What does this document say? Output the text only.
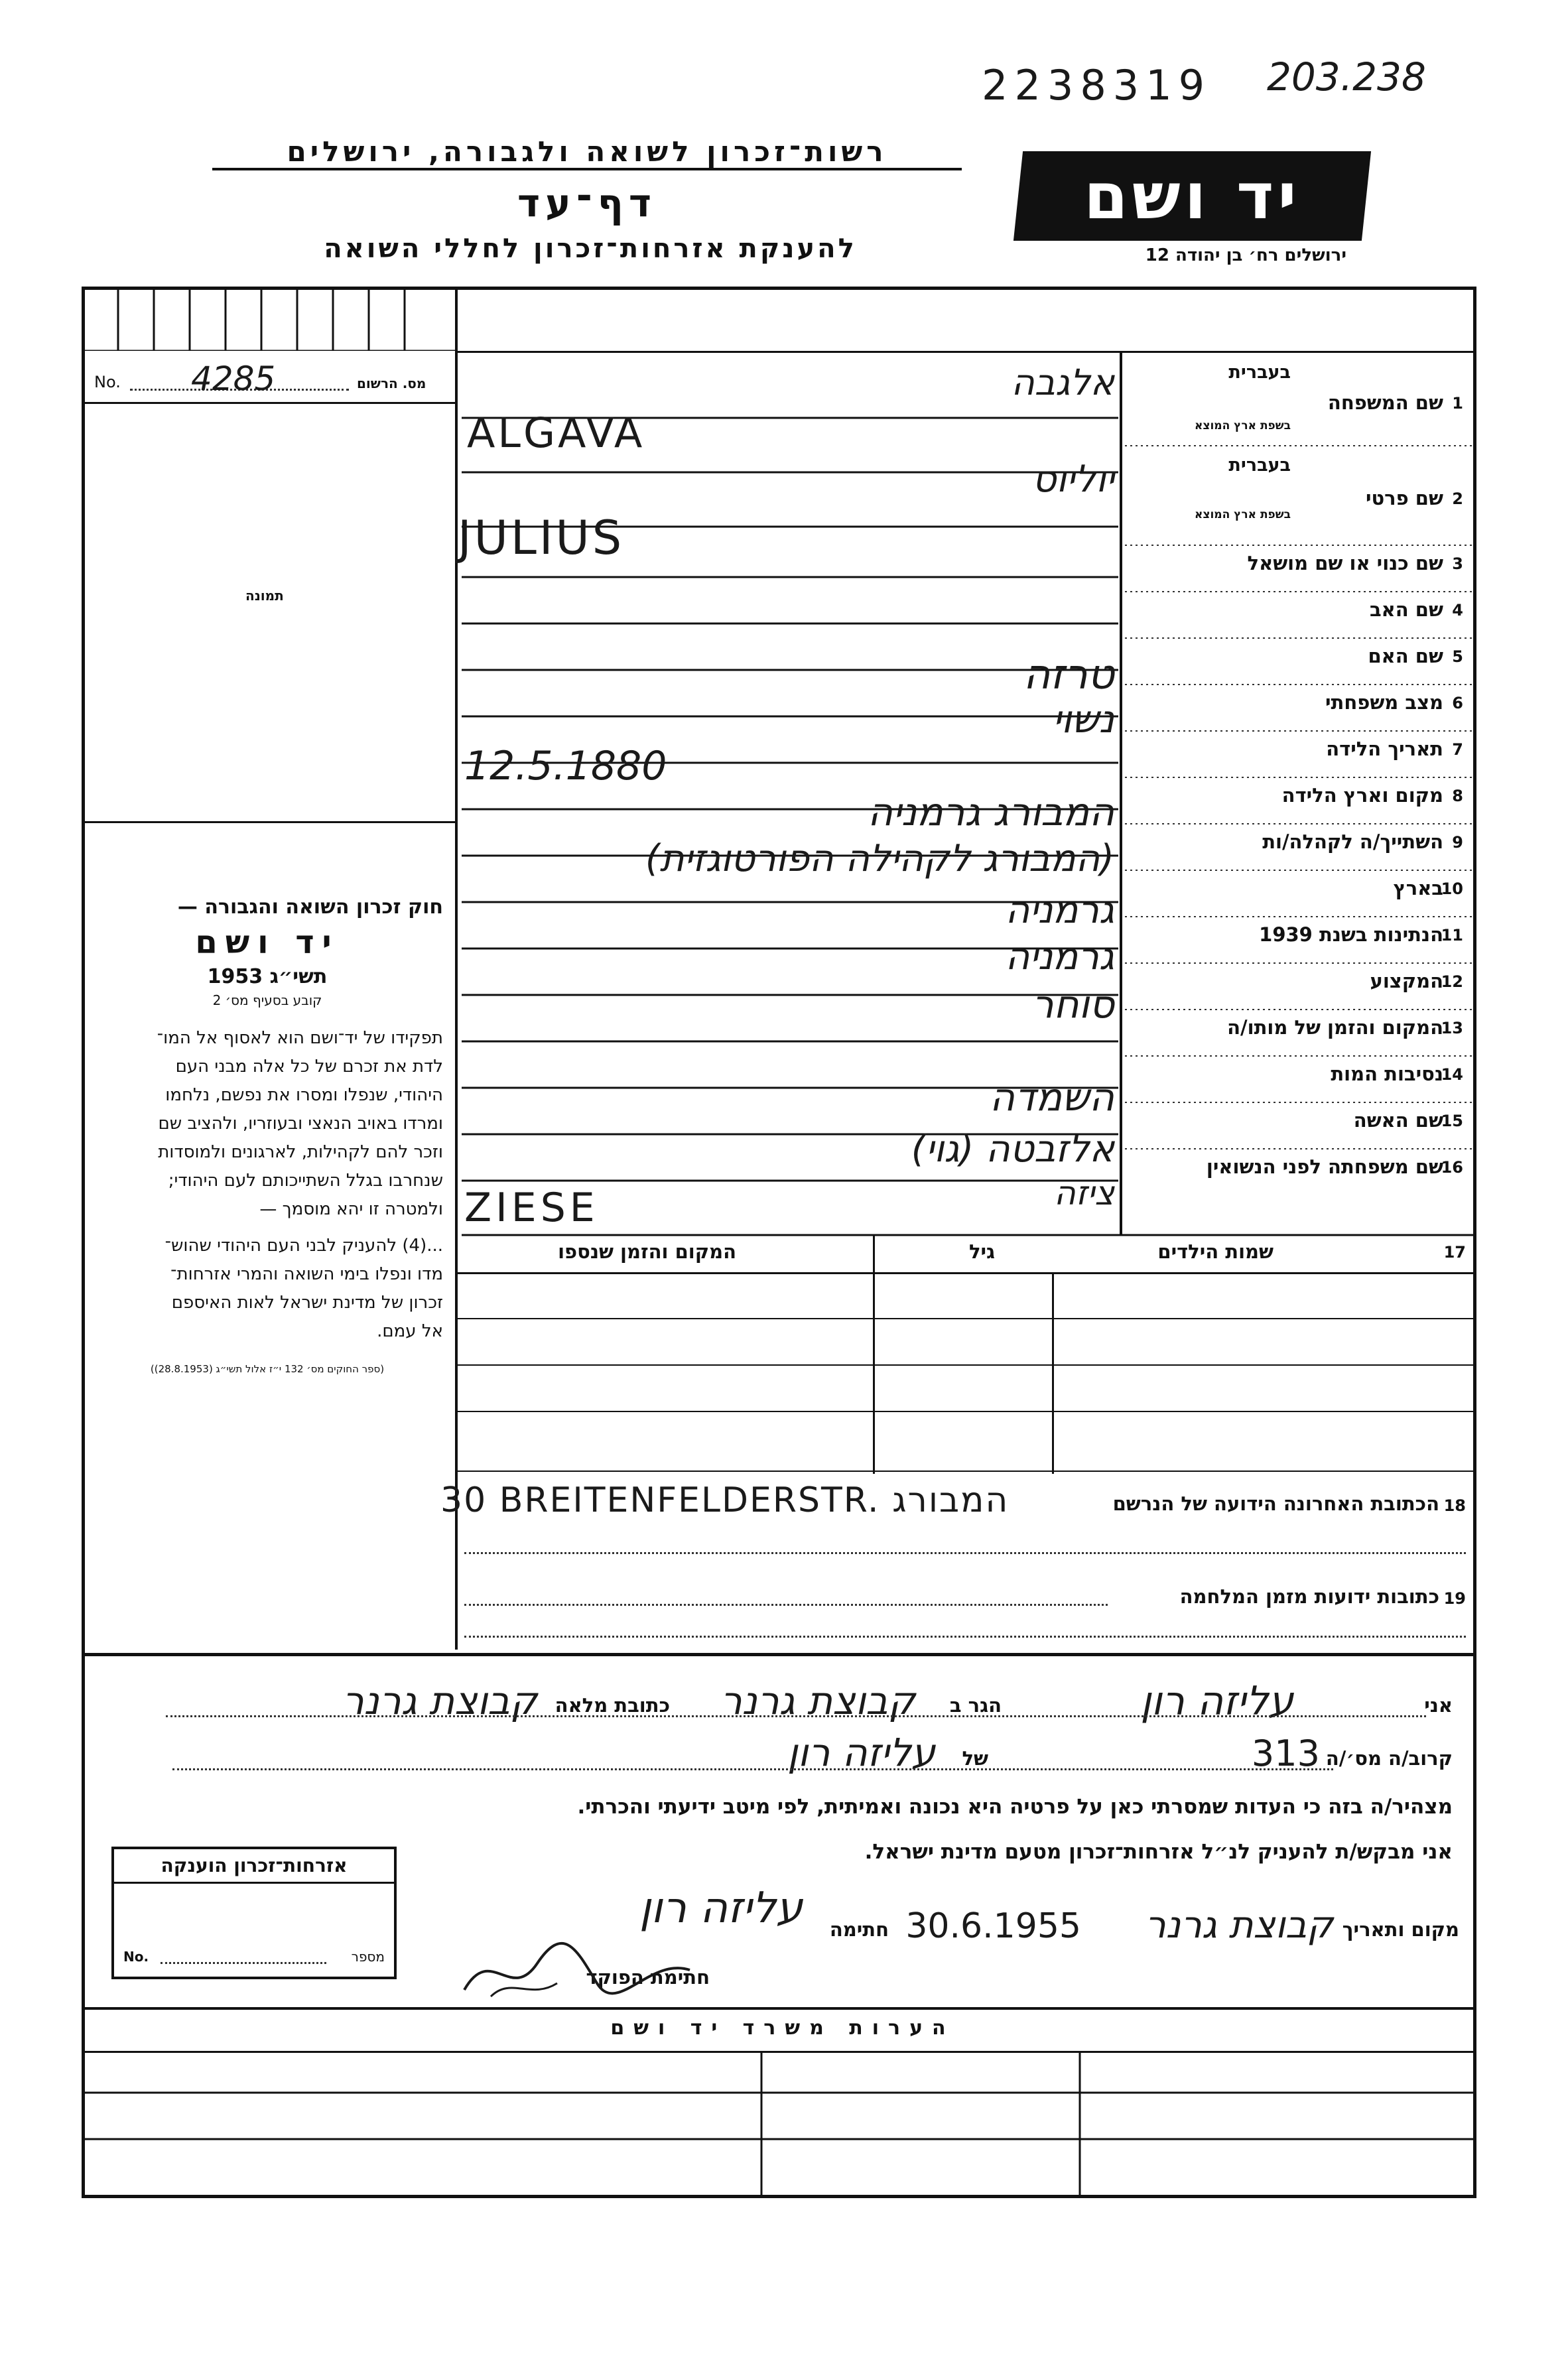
2238319 203.238
רשות־זכרון לשואה ולגבורה, ירושלים
דף־עד
להענקת אזרחות־זכרון לחללי השואה
יד ושם
ירושלים רח׳ בן יהודה 12
No. 4285	מס. הרשום
תמונה
חוק זכרון השואה והגבורה —
יד ושם
תשי״ג 1953
קובע בסעיף מס׳ 2
תפקידו של יד־ושם הוא לאסוף אל המו־
לדת את זכרם של כל אלה מבני העם
היהודי, שנפלו ומסרו את נפשם, נלחמו
ומרדו באויב הנאצי ובעוזריו, ולהציב שם
וזכר להם לקהילות, לארגונים ולמוסדות
שנחרבו בגלל השתייכותם לעם היהודי;
ולמטרה זו יהא מוסמך —
...(4) להעניק לבני העם היהודי שהוש־
מדו ונפלו בימי השואה והמרי אזרחות־
זכרון של מדינת ישראל לאות האיספם
אל עמם.
(ספר החוקים מס׳ 132 י״ז אלול תשי״ג (28.8.1953))
1
שם המשפחה
בעברית
בשפת ארץ המוצא
2
שם פרטי
בעברית
בשפת ארץ המוצא
3
שם כנוי או שם מושאל
4
שם האב
5
שם האם
6
מצב משפחתי
7
תאריך הלידה
8
מקום וארץ הלידה
9
השתייך/ה לקהלה/ות
10
בארץ
11
הנתינות בשנת 1939
12
המקצוע
13
המקום והזמן של מותו/ה
14
נסיבות המות
15
שם האשה
16
שם משפחתה לפני הנשואין
אלגבה
ALGAVA
יוליוס
JULIUS
טרזה
נשוי
12.5.1880
המבורג גרמניה
(המבורג לקהילה הפורטוגזית)
גרמניה
גרמניה
סוחר
השמדה
אלזבטה (גוי)
ציזה
ZIESE
17
שמות הילדים
גיל
המקום והזמן שנספו
18
הכתובת האחרונה הידועה של הנרשם
30 BREITENFELDERSTR. המבורג
19
כתובות ידועות מזמן המלחמה
אני
עליזה רון
הגר ב
קבוצת גרנר
כתובת מלאה
קבוצת גרנר
קרוב/ה מס׳/ה
313
של
עליזה רון
מצהיר/ה בזה כי העדות שמסרתי כאן על פרטיה היא נכונה ואמיתית, לפי מיטב ידיעתי והכרתי.
אני מבקש/ת להעניק לנ״ל אזרחות־זכרון מטעם מדינת ישראל.
מקום ותאריך
קבוצת גרנר
30.6.1955
חתימה
עליזה רון
חתימת הפוקד
אזרחות־זכרון הוענקה
No.	מספר
הערות משרד יד ושם
